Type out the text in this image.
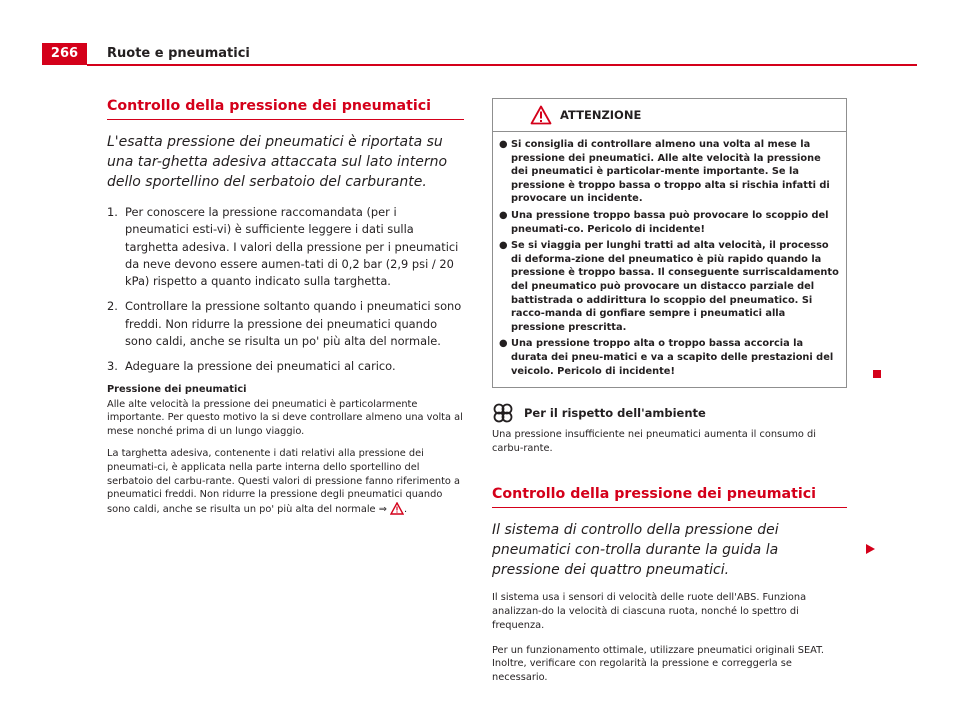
266	Ruote e pneumatici
Controllo della pressione dei pneumatici

L'esatta pressione dei pneumatici è riportata su una tar-ghetta adesiva attaccata sul lato interno dello sportellino del serbatoio del carburante.

1. Per conoscere la pressione raccomandata (per i pneumatici esti-vi) è sufficiente leggere i dati sulla targhetta adesiva. I valori della pressione per i pneumatici da neve devono essere aumen-tati di 0,2 bar (2,9 psi / 20 kPa) rispetto a quanto indicato sulla targhetta.
2. Controllare la pressione soltanto quando i pneumatici sono freddi. Non ridurre la pressione dei pneumatici quando sono caldi, anche se risulta un po' più alta del normale.
3. Adeguare la pressione dei pneumatici al carico.
Pressione dei pneumatici

Alle alte velocità la pressione dei pneumatici è particolarmente importante. Per questo motivo la si deve controllare almeno una volta al mese nonché prima di un lungo viaggio.

La targhetta adesiva, contenente i dati relativi alla pressione dei pneumati-ci, è applicata nella parte interna dello sportellino del serbatoio del carbu-rante. Questi valori di pressione fanno riferimento a pneumatici freddi. Non ridurre la pressione degli pneumatici quando sono caldi, anche se risulta un po' più alta del normale ⇒ .

ATTENZIONE

● Si consiglia di controllare almeno una volta al mese la pressione dei pneumatici. Alle alte velocità la pressione dei pneumatici è particolar-mente importante. Se la pressione è troppo bassa o troppo alta si rischia infatti di provocare un incidente.

● Una pressione troppo bassa può provocare lo scoppio del pneumati-co. Pericolo di incidente!

● Se si viaggia per lunghi tratti ad alta velocità, il processo di deforma-zione del pneumatico è più rapido quando la pressione è troppo bassa. Il conseguente surriscaldamento del pneumatico può provocare un distacco parziale del battistrada o addirittura lo scoppio del pneumatico. Si racco-manda di gonfiare sempre i pneumatici alla pressione prescritta.

● Una pressione troppo alta o troppo bassa accorcia la durata dei pneu-matici e va a scapito delle prestazioni del veicolo. Pericolo di incidente!

Per il rispetto dell'ambiente

Una pressione insufficiente nei pneumatici aumenta il consumo di carbu-rante.

Controllo della pressione dei pneumatici

Il sistema di controllo della pressione dei pneumatici con-trolla durante la guida la pressione dei quattro pneumatici.

Il sistema usa i sensori di velocità delle ruote dell'ABS. Funziona analizzan-do la velocità di ciascuna ruota, nonché lo spettro di frequenza.

Per un funzionamento ottimale, utilizzare pneumatici originali SEAT. Inoltre, verificare con regolarità la pressione e correggerla se necessario.
